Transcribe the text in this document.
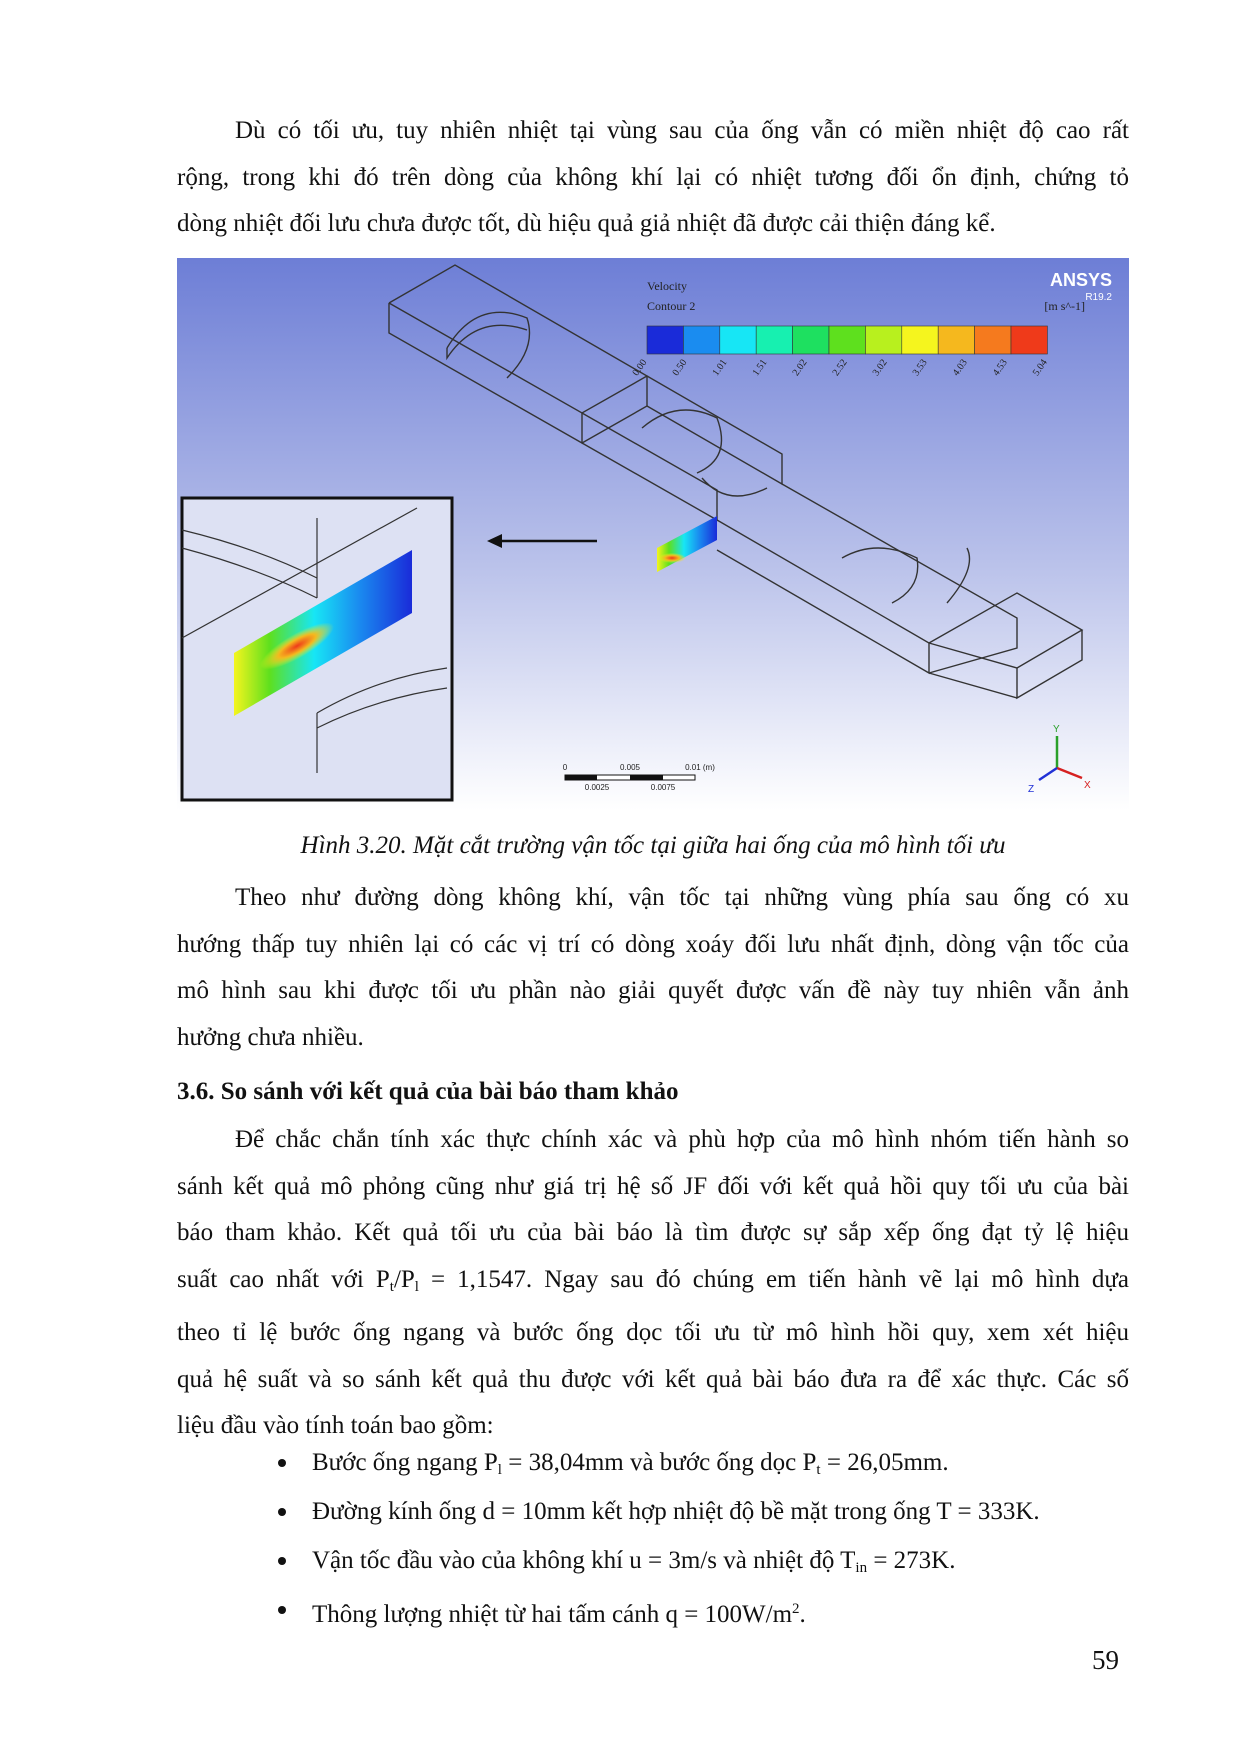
Dù có tối ưu, tuy nhiên nhiệt tại vùng sau của ống vẫn có miền nhiệt độ cao rất
rộng, trong khi đó trên dòng của không khí lại có nhiệt tương đối ổn định, chứng tỏ
dòng nhiệt đối lưu chưa được tốt, dù hiệu quả giả nhiệt đã được cải thiện đáng kể.
Velocity
Contour 2	[m s^-1]
ANSYS
R19.2
0.00 0.50 1.01 1.51 2.02 2.52 3.02 3.53 4.03 4.53 5.04
0	0.005	0.01 (m)
0.0025	0.0075
Y
Z	X

Hình 3.20. Mặt cắt trường vận tốc tại giữa hai ống của mô hình tối ưu

Theo như đường dòng không khí, vận tốc tại những vùng phía sau ống có xu
hướng thấp tuy nhiên lại có các vị trí có dòng xoáy đối lưu nhất định, dòng vận tốc của
mô hình sau khi được tối ưu phần nào giải quyết được vấn đề này tuy nhiên vẫn ảnh
hưởng chưa nhiều.

3.6. So sánh với kết quả của bài báo tham khảo

Để chắc chắn tính xác thực chính xác và phù hợp của mô hình nhóm tiến hành so
sánh kết quả mô phỏng cũng như giá trị hệ số JF đối với kết quả hồi quy tối ưu của bài
báo tham khảo. Kết quả tối ưu của bài báo là tìm được sự sắp xếp ống đạt tỷ lệ hiệu
suất cao nhất với $P_t/P_l = 1,1547$. Ngay sau đó chúng em tiến hành vẽ lại mô hình dựa
theo tỉ lệ bước ống ngang và bước ống dọc tối ưu từ mô hình hồi quy, xem xét hiệu
quả hệ suất và so sánh kết quả thu được với kết quả bài báo đưa ra để xác thực. Các số
liệu đầu vào tính toán bao gồm:
Bước ống ngang $P_l = 38,04mm$ và bước ống dọc $P_t = 26,05mm$.
Đường kính ống d = 10mm kết hợp nhiệt độ bề mặt trong ống T = 333K.
Vận tốc đầu vào của không khí u = 3m/s và nhiệt độ $T_{in} = 273K$.
Thông lượng nhiệt từ hai tấm cánh $q = 100W/m^2$.

59
